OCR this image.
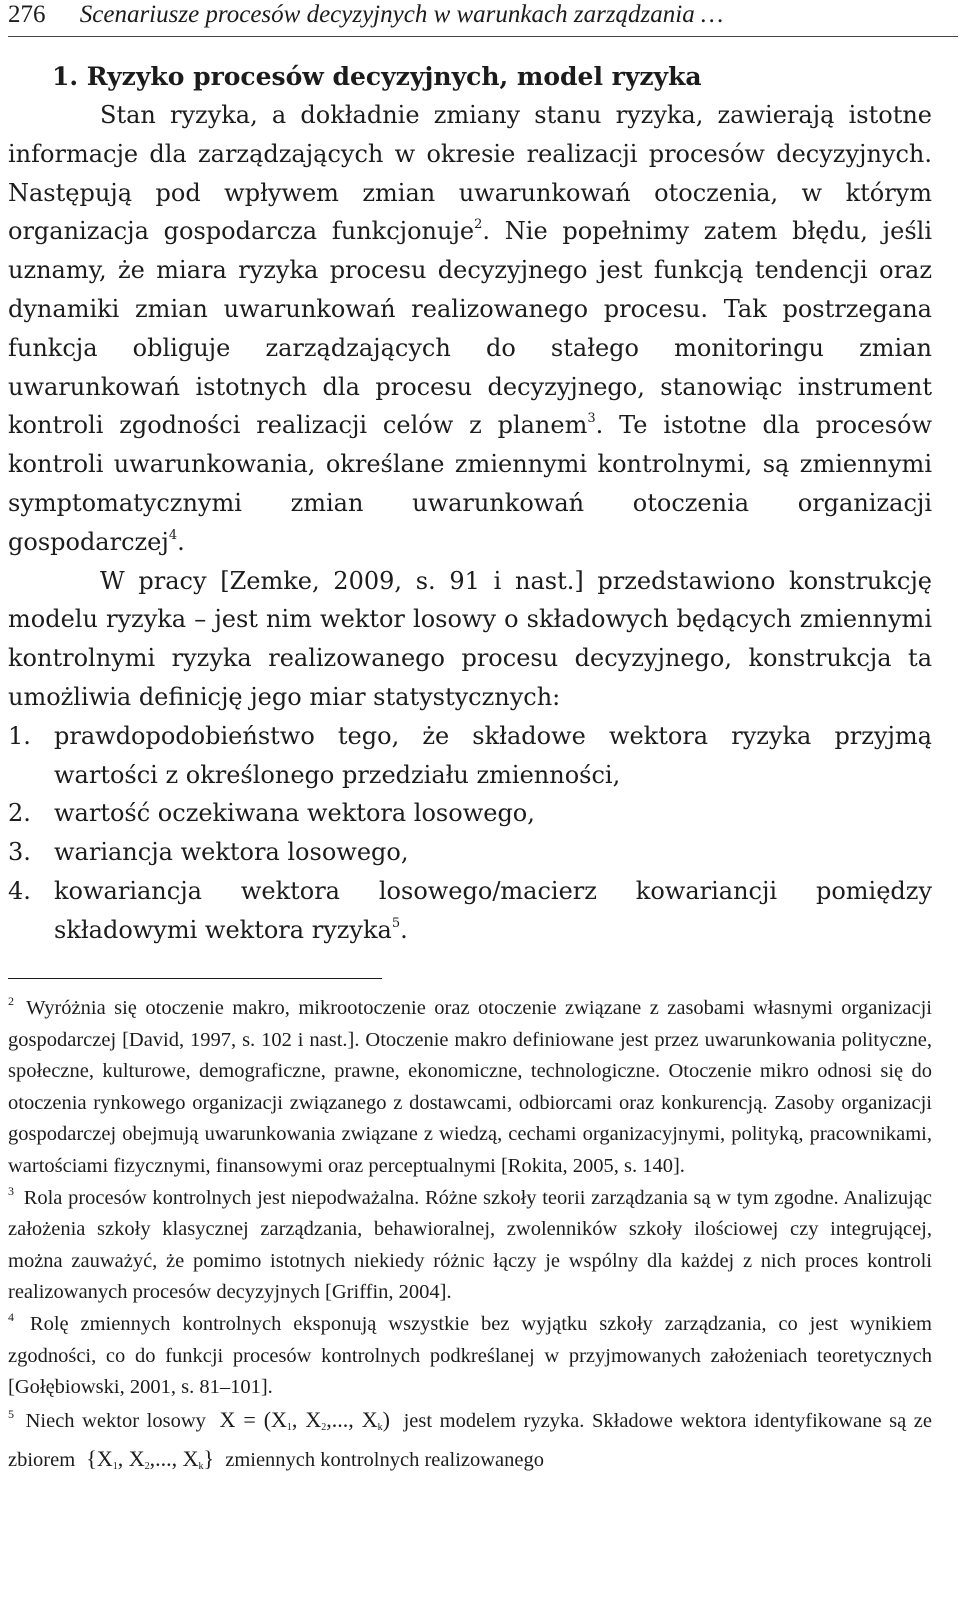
276 Scenariusze procesów decyzyjnych w warunkach zarządzania …

1. Ryzyko procesów decyzyjnych, model ryzyka

Stan ryzyka, a dokładnie zmiany stanu ryzyka, zawierają istotne informacje dla zarządzających w okresie realizacji procesów decyzyjnych. Następują pod wpływem zmian uwarunkowań otoczenia, w którym organizacja gospodarcza funkcjonuje$^2$. Nie popełnimy zatem błędu, jeśli uznamy, że miara ryzyka procesu decyzyjnego jest funkcją tendencji oraz dynamiki zmian uwarunkowań realizowanego procesu. Tak postrzegana funkcja obliguje zarządzających do stałego monitoringu zmian uwarunkowań istotnych dla procesu decyzyjnego, stanowiąc instrument kontroli zgodności realizacji celów z planem$^3$. Te istotne dla procesów kontroli uwarunkowania, określane zmiennymi kontrolnymi, są zmiennymi symptomatycznymi zmian uwarunkowań otoczenia organizacji gospodarczej$^4$.

W pracy [Zemke, 2009, s. 91 i nast.] przedstawiono konstrukcję modelu ryzyka – jest nim wektor losowy o składowych będących zmiennymi kontrolnymi ryzyka realizowanego procesu decyzyjnego, konstrukcja ta umożliwia definicję jego miar statystycznych:

1. prawdopodobieństwo tego, że składowe wektora ryzyka przyjmą wartości z określonego przedziału zmienności,
2. wartość oczekiwana wektora losowego,
3. wariancja wektora losowego,
4. kowariancja wektora losowego/macierz kowariancji pomiędzy składowymi wektora ryzyka$^5$.

$^2$ Wyróżnia się otoczenie makro, mikrootoczenie oraz otoczenie związane z zasobami własnymi organizacji gospodarczej [David, 1997, s. 102 i nast.]. Otoczenie makro definiowane jest przez uwarunkowania polityczne, społeczne, kulturowe, demograficzne, prawne, ekonomiczne, technologiczne. Otoczenie mikro odnosi się do otoczenia rynkowego organizacji związanego z dostawcami, odbiorcami oraz konkurencją. Zasoby organizacji gospodarczej obejmują uwarunkowania związane z wiedzą, cechami organizacyjnymi, polityką, pracownikami, wartościami fizycznymi, finansowymi oraz perceptualnymi [Rokita, 2005, s. 140].

$^3$ Rola procesów kontrolnych jest niepodważalna. Różne szkoły teorii zarządzania są w tym zgodne. Analizując założenia szkoły klasycznej zarządzania, behawioralnej, zwolenników szkoły ilościowej czy integrującej, można zauważyć, że pomimo istotnych niekiedy różnic łączy je wspólny dla każdej z nich proces kontroli realizowanych procesów decyzyjnych [Griffin, 2004].

$^4$ Rolę zmiennych kontrolnych eksponują wszystkie bez wyjątku szkoły zarządzania, co jest wynikiem zgodności, co do funkcji procesów kontrolnych podkreślanej w przyjmowanych założeniach teoretycznych [Gołębiowski, 2001, s. 81–101].

$^5$ Niech wektor losowy $X = (X_1$, $X_2$,..., $X_k$) jest modelem ryzyka. Składowe wektora identyfikowane są ze zbiorem {$X_1$, $X_2$,..., $X_k$} zmiennych kontrolnych realizowanego
